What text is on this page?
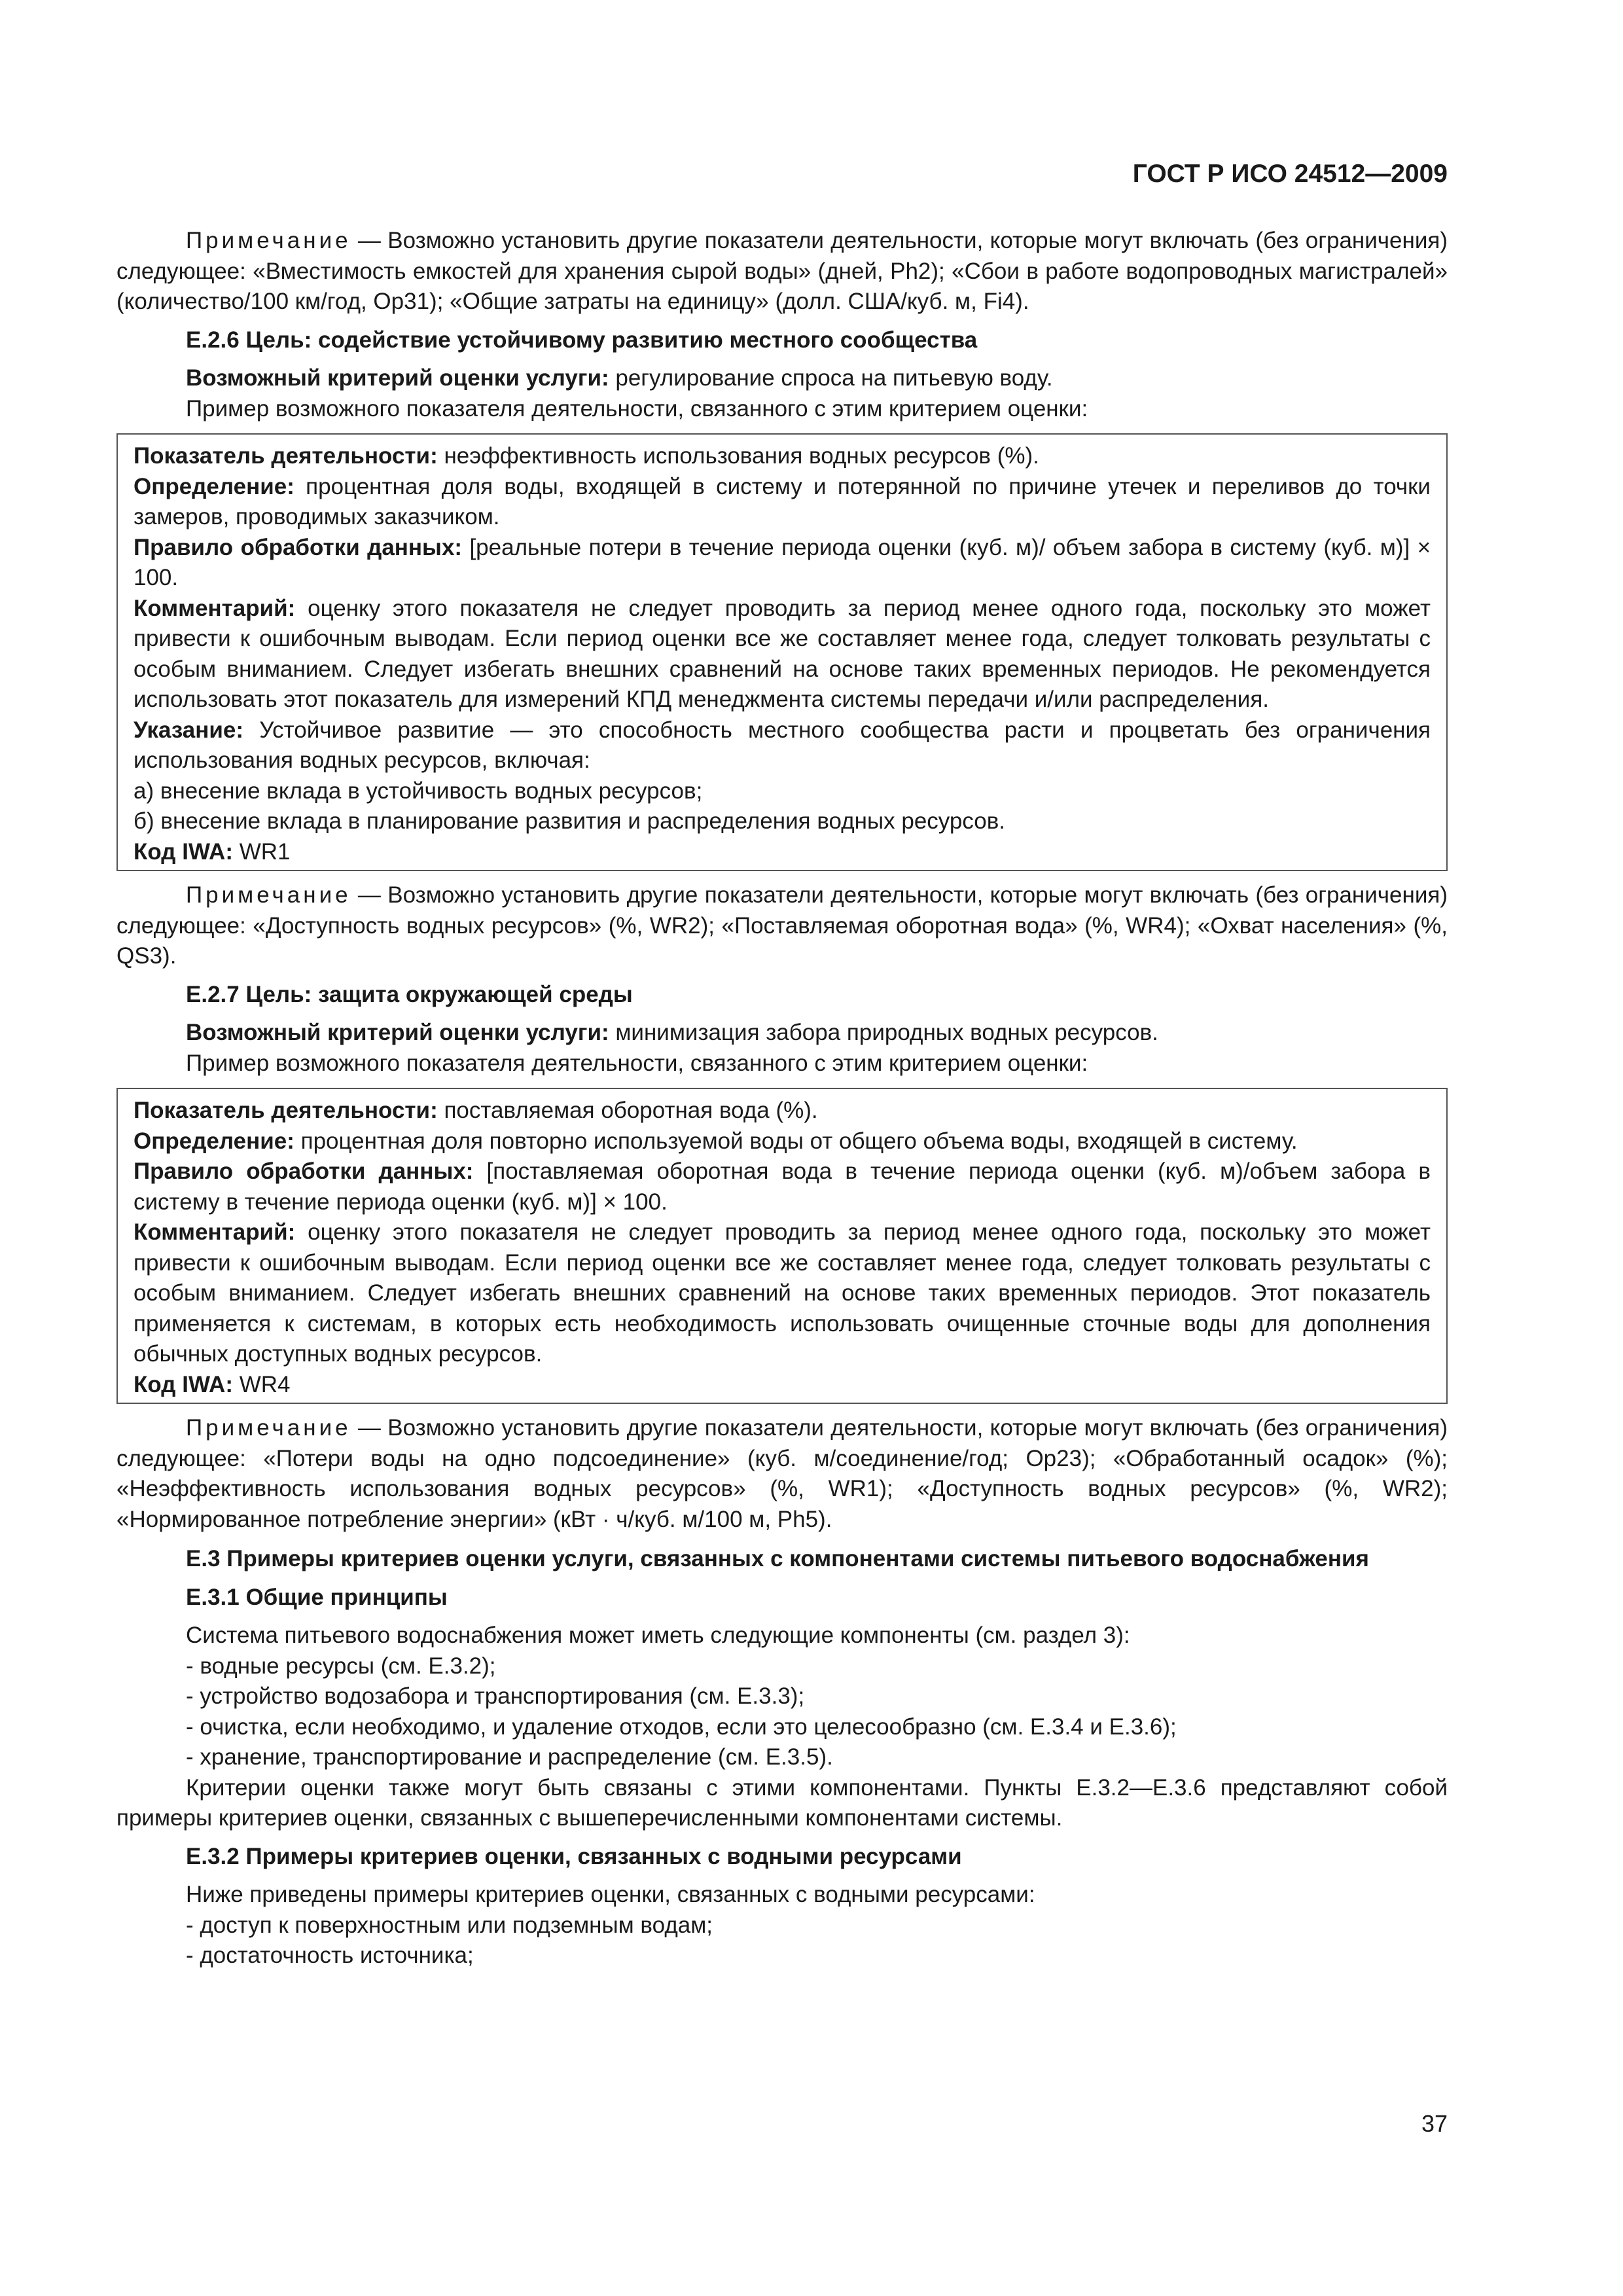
ГОСТ Р ИСО 24512—2009

Примечание — Возможно установить другие показатели деятельности, которые могут включать (без ограничения) следующее: «Вместимость емкостей для хранения сырой воды» (дней, Ph2); «Сбои в работе водопроводных магистралей» (количество/100 км/год, Op31); «Общие затраты на единицу» (долл. США/куб. м, Fi4).

Е.2.6 Цель: содействие устойчивому развитию местного сообщества

Возможный критерий оценки услуги: регулирование спроса на питьевую воду.

Пример возможного показателя деятельности, связанного с этим критерием оценки:

Показатель деятельности: неэффективность использования водных ресурсов (%).

Определение: процентная доля воды, входящей в систему и потерянной по причине утечек и переливов до точки замеров, проводимых заказчиком.

Правило обработки данных: [реальные потери в течение периода оценки (куб. м)/ объем забора в систему (куб. м)] × 100.

Комментарий: оценку этого показателя не следует проводить за период менее одного года, поскольку это может привести к ошибочным выводам. Если период оценки все же составляет менее года, следует толковать результаты с особым вниманием. Следует избегать внешних сравнений на основе таких временных периодов. Не рекомендуется использовать этот показатель для измерений КПД менеджмента системы передачи и/или распределения.

Указание: Устойчивое развитие — это способность местного сообщества расти и процветать без ограничения использования водных ресурсов, включая:

а) внесение вклада в устойчивость водных ресурсов;

б) внесение вклада в планирование развития и распределения водных ресурсов.

Код IWA: WR1

Примечание — Возможно установить другие показатели деятельности, которые могут включать (без ограничения) следующее: «Доступность водных ресурсов» (%, WR2); «Поставляемая оборотная вода» (%, WR4); «Охват населения» (%, QS3).

Е.2.7 Цель: защита окружающей среды

Возможный критерий оценки услуги: минимизация забора природных водных ресурсов.

Пример возможного показателя деятельности, связанного с этим критерием оценки:

Показатель деятельности: поставляемая оборотная вода (%).

Определение: процентная доля повторно используемой воды от общего объема воды, входящей в систему.

Правило обработки данных: [поставляемая оборотная вода в течение периода оценки (куб. м)/объем забора в систему в течение периода оценки (куб. м)] × 100.

Комментарий: оценку этого показателя не следует проводить за период менее одного года, поскольку это может привести к ошибочным выводам. Если период оценки все же составляет менее года, следует толковать результаты с особым вниманием. Следует избегать внешних сравнений на основе таких временных периодов. Этот показатель применяется к системам, в которых есть необходимость использовать очищенные сточные воды для дополнения обычных доступных водных ресурсов.

Код IWA: WR4

Примечание — Возможно установить другие показатели деятельности, которые могут включать (без ограничения) следующее: «Потери воды на одно подсоединение» (куб. м/соединение/год; Op23); «Обработанный осадок» (%); «Неэффективность использования водных ресурсов» (%, WR1); «Доступность водных ресурсов» (%, WR2); «Нормированное потребление энергии» (кВт · ч/куб. м/100 м, Ph5).

Е.3 Примеры критериев оценки услуги, связанных с компонентами системы питьевого водоснабжения
Е.3.1 Общие принципы

Система питьевого водоснабжения может иметь следующие компоненты (см. раздел 3):

- водные ресурсы (см. Е.3.2);

- устройство водозабора и транспортирования (см. Е.3.3);

- очистка, если необходимо, и удаление отходов, если это целесообразно (см. Е.3.4 и Е.3.6);

- хранение, транспортирование и распределение (см. Е.3.5).

Критерии оценки также могут быть связаны с этими компонентами. Пункты Е.3.2—Е.3.6 представляют собой примеры критериев оценки, связанных с вышеперечисленными компонентами системы.

Е.3.2 Примеры критериев оценки, связанных с водными ресурсами

Ниже приведены примеры критериев оценки, связанных с водными ресурсами:

- доступ к поверхностным или подземным водам;

- достаточность источника;

37
